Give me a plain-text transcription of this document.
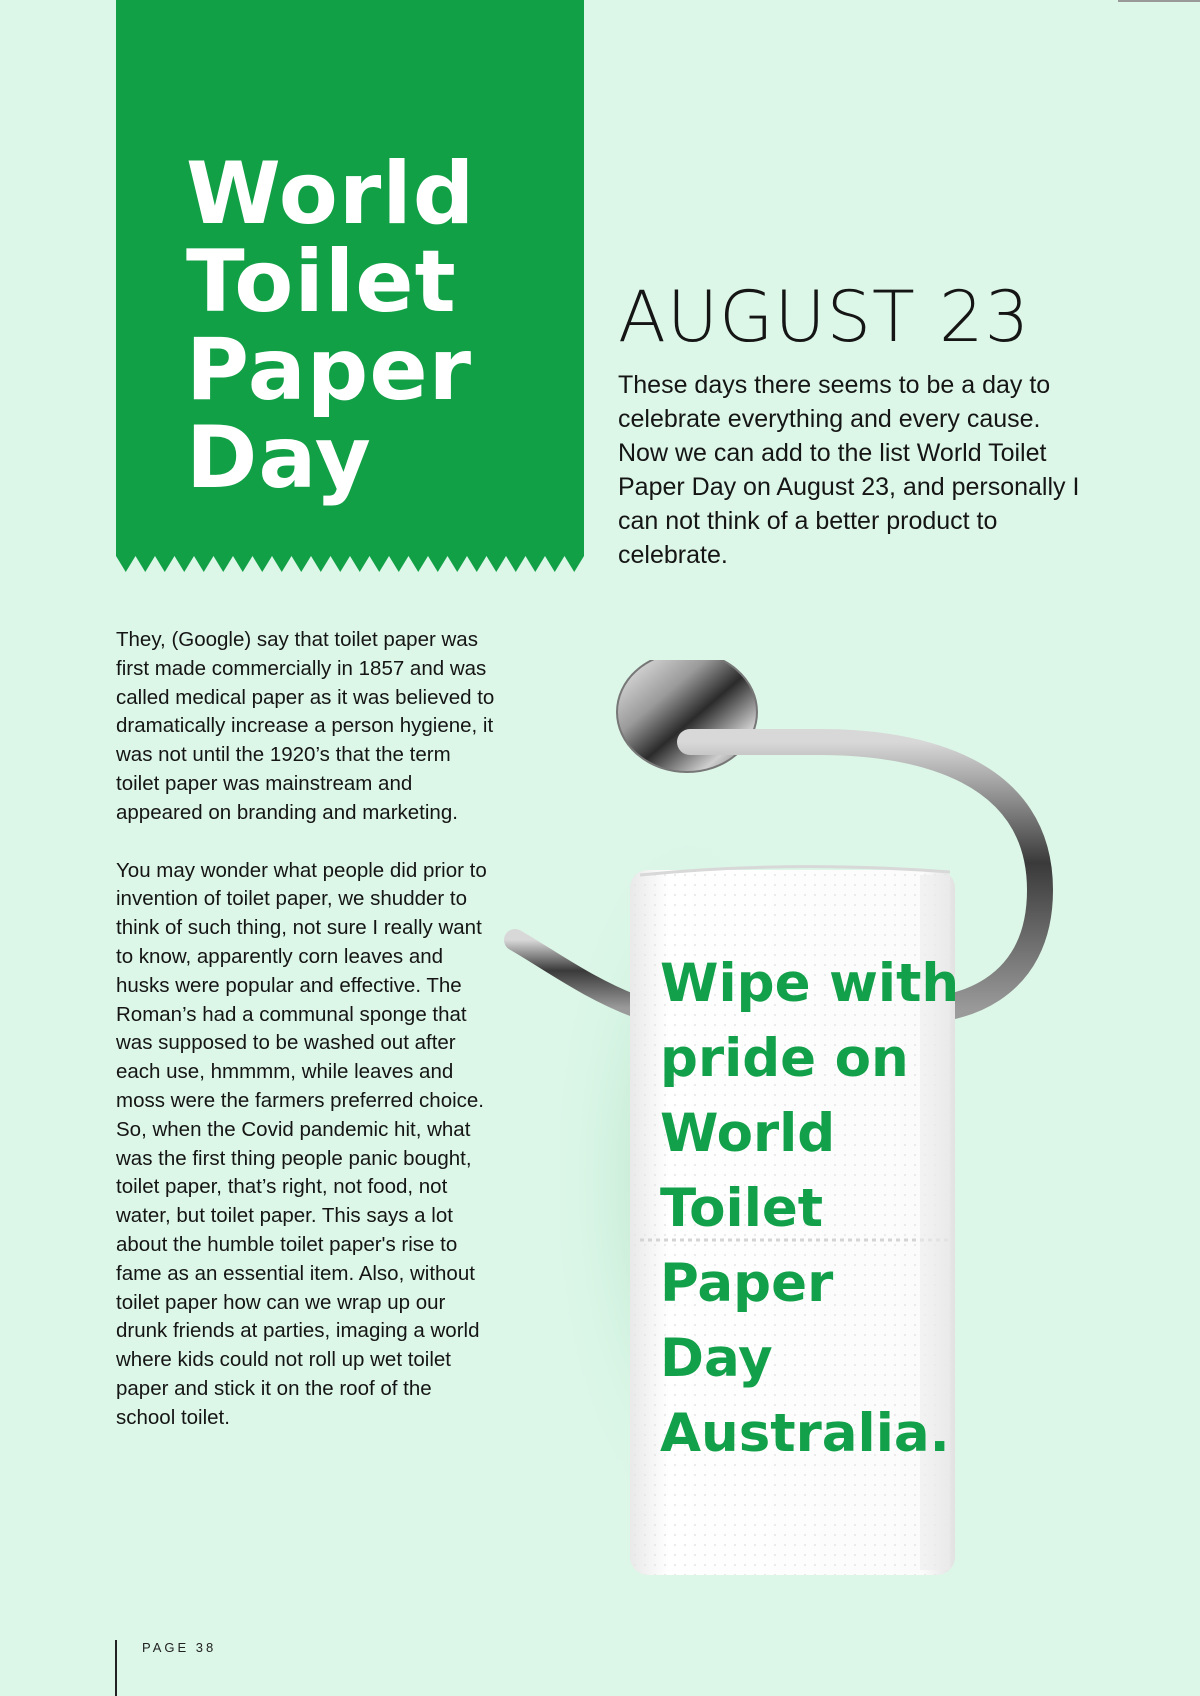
World
Toilet
Paper
Day
AUGUST 23
These days there seems to be a day to celebrate everything and every cause. Now we can add to the list World Toilet Paper Day on August 23, and personally I can not think of a better product to celebrate.

They, (Google) say that toilet paper was first made commercially in 1857 and was called medical paper as it was believed to dramatically increase a person hygiene, it was not until the 1920’s that the term toilet paper was mainstream and appeared on branding and marketing.

You may wonder what people did prior to invention of toilet paper, we shudder to think of such thing, not sure I really want to know, apparently corn leaves and husks were popular and effective. The Roman’s had a communal sponge that was supposed to be washed out after each use, hmmmm, while leaves and moss were the farmers preferred choice. So, when the Covid pandemic hit, what was the first thing people panic bought, toilet paper, that’s right, not food, not water, but toilet paper. This says a lot about the humble toilet paper's rise to fame as an essential item. Also, without toilet paper how can we wrap up our drunk friends at parties, imaging a world where kids could not roll up wet toilet paper and stick it on the roof of the school toilet.

Wipe with
pride on
World
Toilet
Paper
Day
Australia.
PAGE 38
